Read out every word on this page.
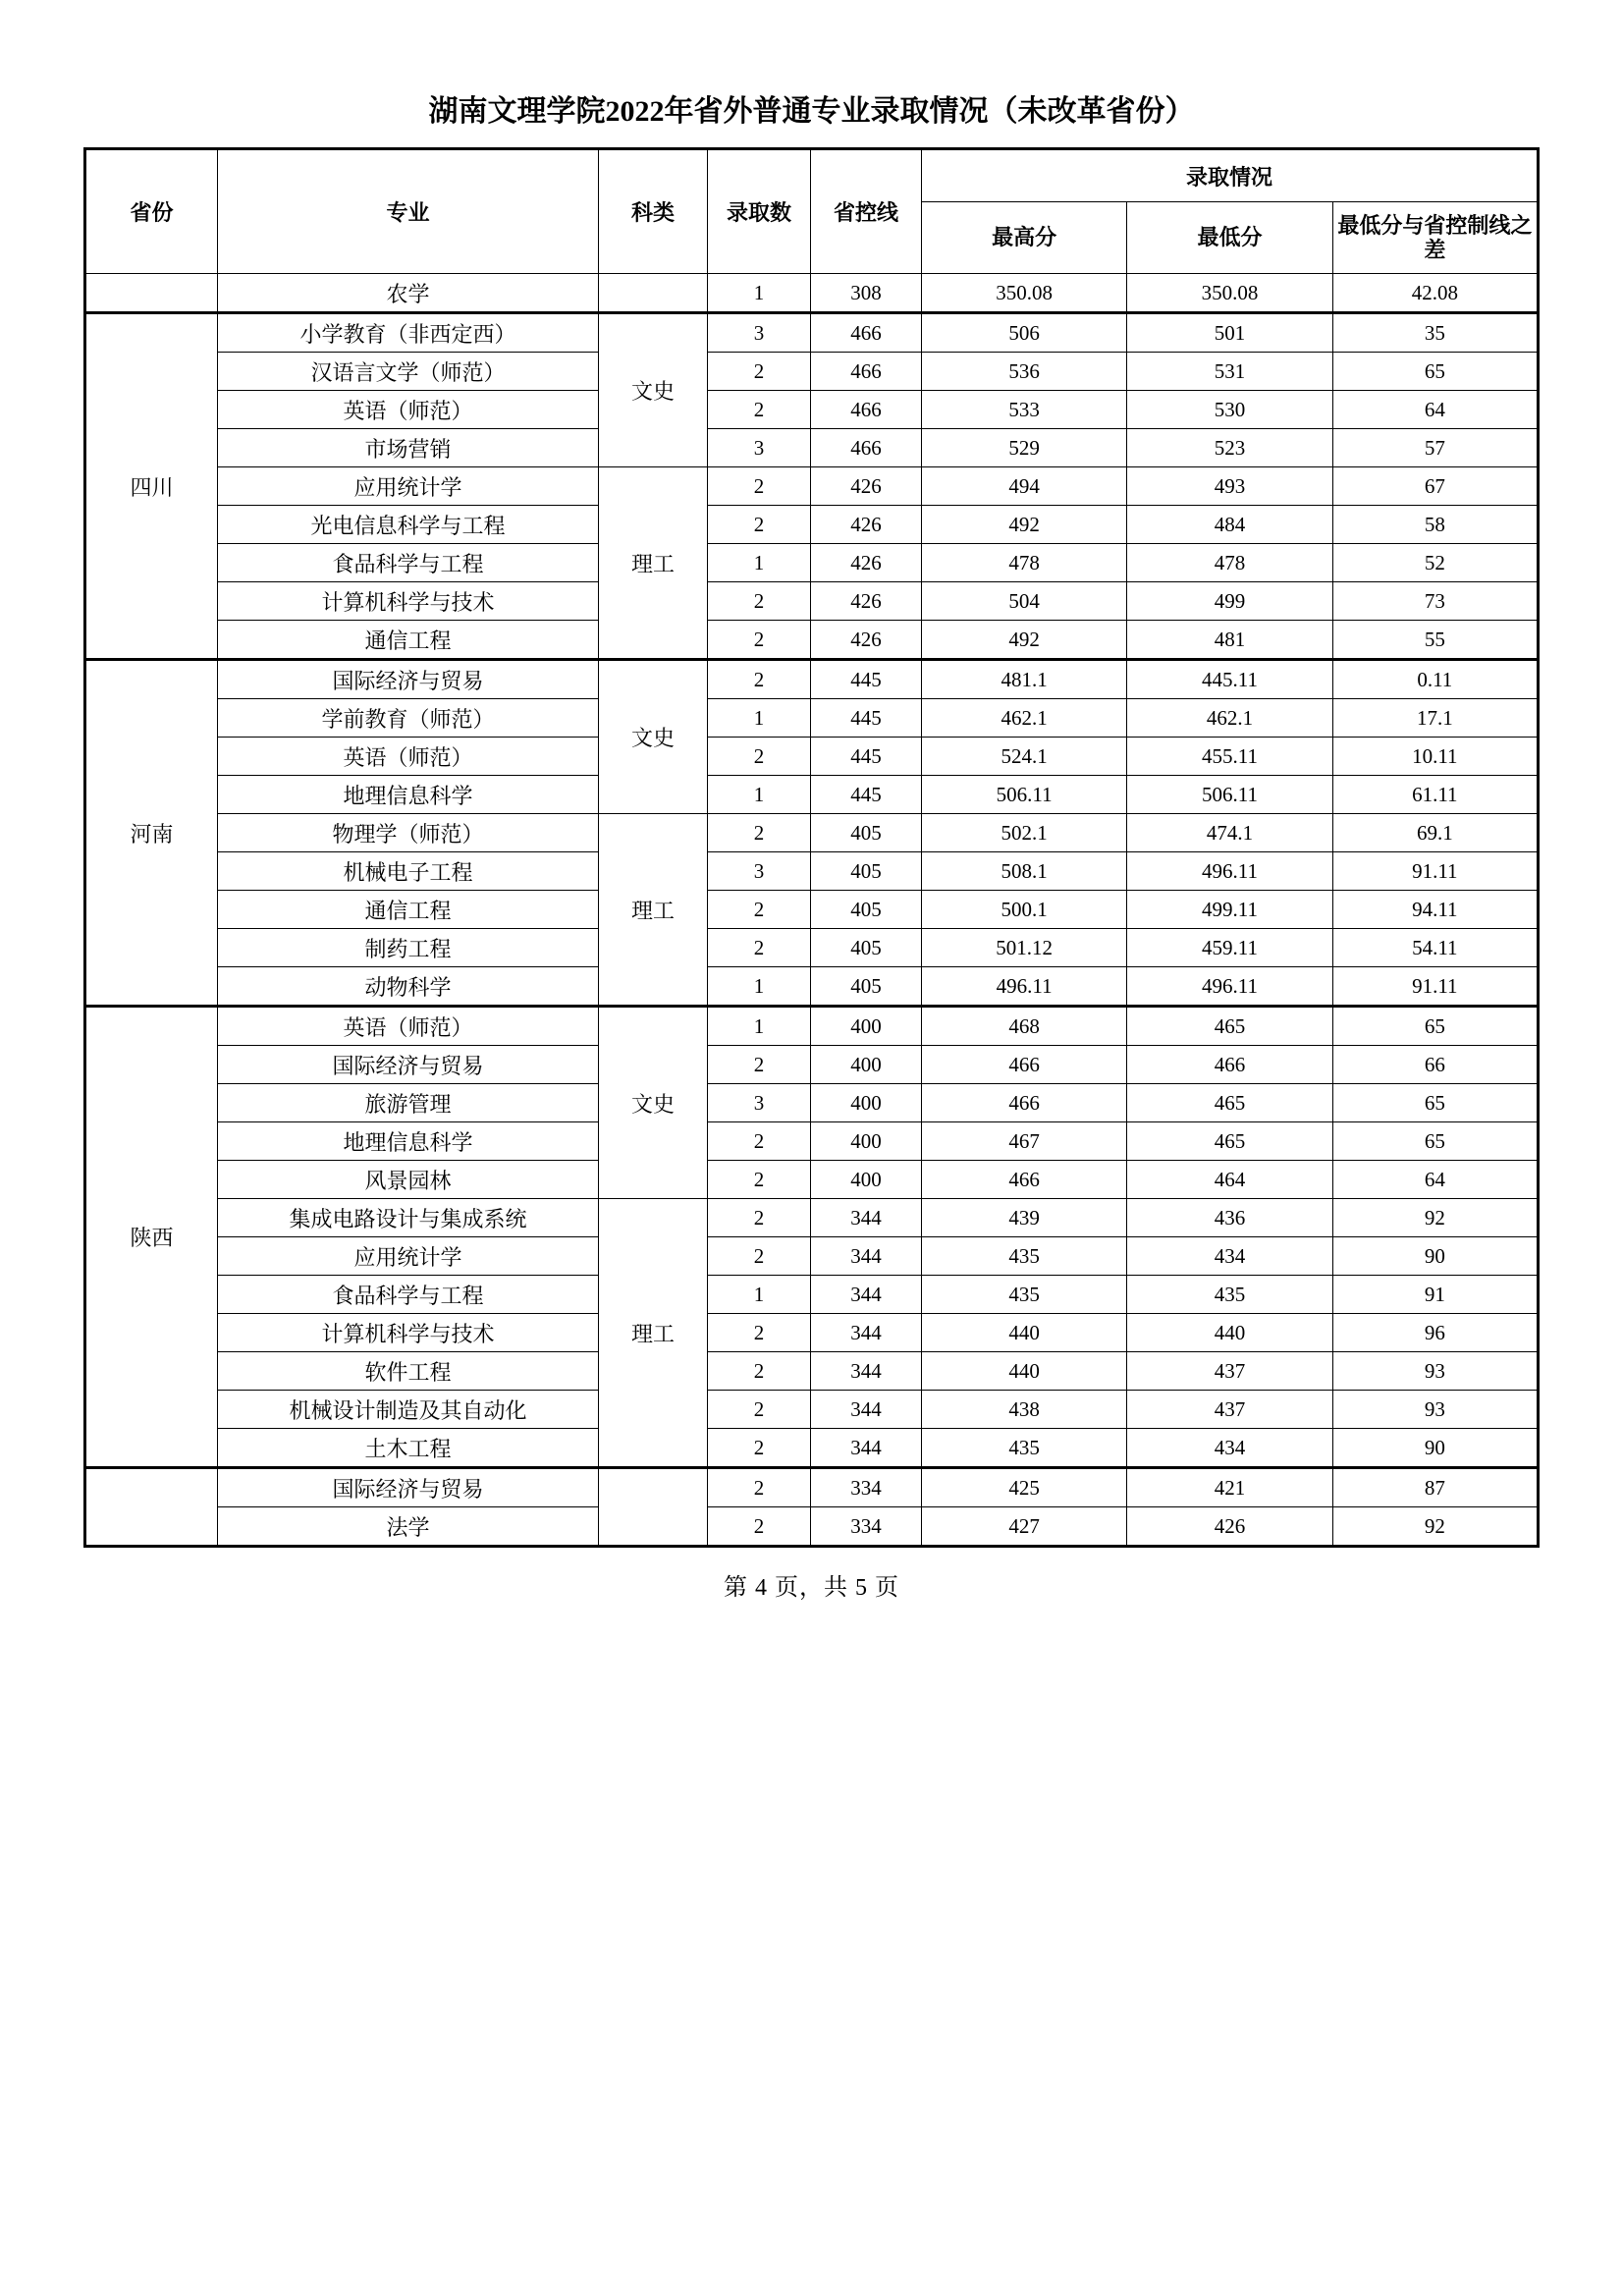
湖南文理学院2022年省外普通专业录取情况（未改革省份）
省份	专业	科类	录取数	省控线	录取情况		
					最高分	最低分	最低分与省控制线之差
	农学		1	308	350.08	350.08	42.08
四川	小学教育（非西定西）	文史	3	466	506	501	35
	汉语言文学（师范）		2	466	536	531	65
	英语（师范）		2	466	533	530	64
	市场营销		3	466	529	523	57
	应用统计学	理工	2	426	494	493	67
	光电信息科学与工程		2	426	492	484	58
	食品科学与工程		1	426	478	478	52
	计算机科学与技术		2	426	504	499	73
	通信工程		2	426	492	481	55
河南	国际经济与贸易	文史	2	445	481.1	445.11	0.11
	学前教育（师范）		1	445	462.1	462.1	17.1
	英语（师范）		2	445	524.1	455.11	10.11
	地理信息科学		1	445	506.11	506.11	61.11
	物理学（师范）	理工	2	405	502.1	474.1	69.1
	机械电子工程		3	405	508.1	496.11	91.11
	通信工程		2	405	500.1	499.11	94.11
	制药工程		2	405	501.12	459.11	54.11
	动物科学		1	405	496.11	496.11	91.11
陕西	英语（师范）	文史	1	400	468	465	65
	国际经济与贸易		2	400	466	466	66
	旅游管理		3	400	466	465	65
	地理信息科学		2	400	467	465	65
	风景园林		2	400	466	464	64
	集成电路设计与集成系统	理工	2	344	439	436	92
	应用统计学		2	344	435	434	90
	食品科学与工程		1	344	435	435	91
	计算机科学与技术		2	344	440	440	96
	软件工程		2	344	440	437	93
	机械设计制造及其自动化		2	344	438	437	93
	土木工程		2	344	435	434	90
	国际经济与贸易		2	334	425	421	87
	法学		2	334	427	426	92
第 4 页，共 5 页
